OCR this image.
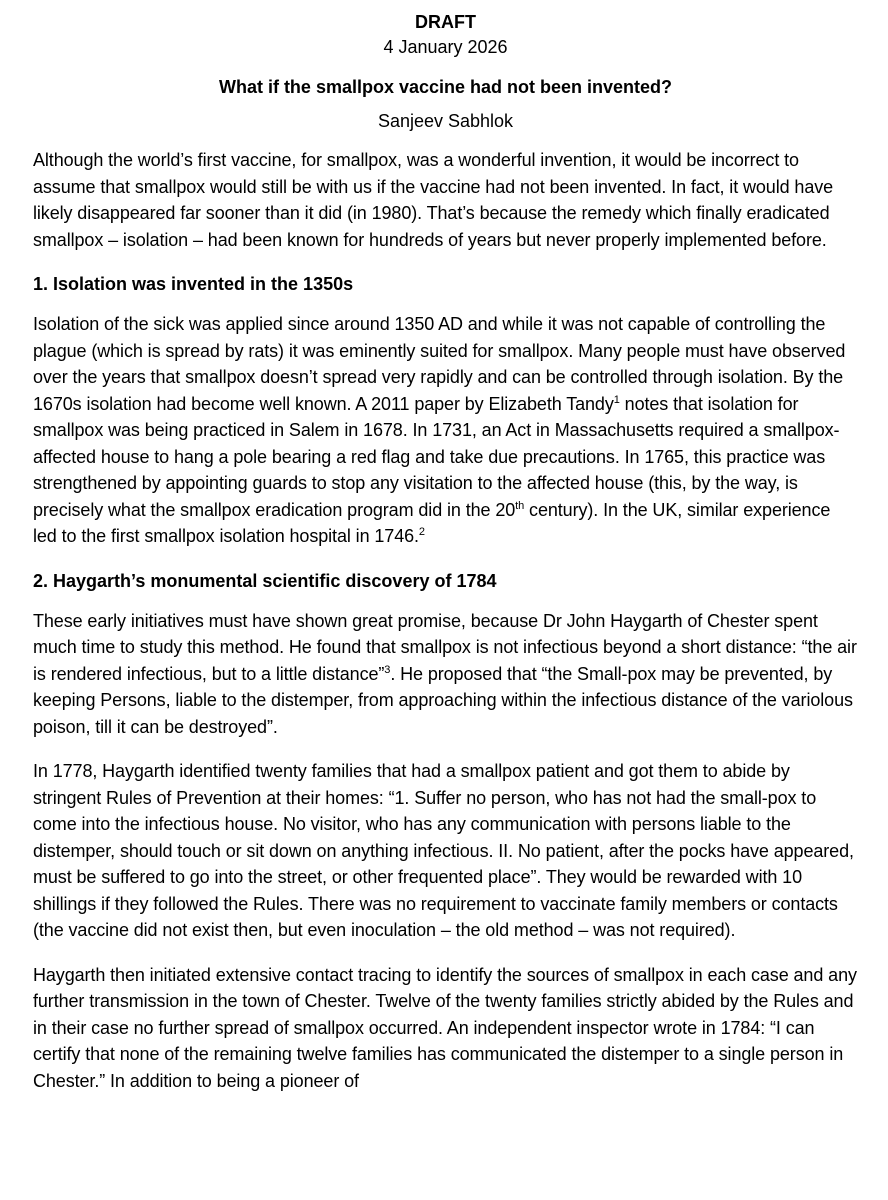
DRAFT

4 January 2026

What if the smallpox vaccine had not been invented?

Sanjeev Sabhlok

Although the world’s first vaccine, for smallpox, was a wonderful invention, it would be incorrect to assume that smallpox would still be with us if the vaccine had not been invented. In fact, it would have likely disappeared far sooner than it did (in 1980). That’s because the remedy which finally eradicated smallpox – isolation – had been known for hundreds of years but never properly implemented before.

1. Isolation was invented in the 1350s

Isolation of the sick was applied since around 1350 AD and while it was not capable of controlling the plague (which is spread by rats) it was eminently suited for smallpox. Many people must have observed over the years that smallpox doesn’t spread very rapidly and can be controlled through isolation. By the 1670s isolation had become well known. A 2011 paper by Elizabeth Tandy$^1$ notes that isolation for smallpox was being practiced in Salem in 1678. In 1731, an Act in Massachusetts required a smallpox-affected house to hang a pole bearing a red flag and take due precautions. In 1765, this practice was strengthened by appointing guards to stop any visitation to the affected house (this, by the way, is precisely what the smallpox eradication program did in the 20th century). In the UK, similar experience led to the first smallpox isolation hospital in 1746.$^2$

2. Haygarth’s monumental scientific discovery of 1784

These early initiatives must have shown great promise, because Dr John Haygarth of Chester spent much time to study this method. He found that smallpox is not infectious beyond a short distance: “the air is rendered infectious, but to a little distance”$^3$. He proposed that “the Small-pox may be prevented, by keeping Persons, liable to the distemper, from approaching within the infectious distance of the variolous poison, till it can be destroyed”.

In 1778, Haygarth identified twenty families that had a smallpox patient and got them to abide by stringent Rules of Prevention at their homes: “1. Suffer no person, who has not had the small-pox to come into the infectious house. No visitor, who has any communication with persons liable to the distemper, should touch or sit down on anything infectious. II. No patient, after the pocks have appeared, must be suffered to go into the street, or other frequented place”. They would be rewarded with 10 shillings if they followed the Rules. There was no requirement to vaccinate family members or contacts (the vaccine did not exist then, but even inoculation – the old method – was not required).

Haygarth then initiated extensive contact tracing to identify the sources of smallpox in each case and any further transmission in the town of Chester. Twelve of the twenty families strictly abided by the Rules and in their case no further spread of smallpox occurred. An independent inspector wrote in 1784: “I can certify that none of the remaining twelve families has communicated the distemper to a single person in Chester.” In addition to being a pioneer of
